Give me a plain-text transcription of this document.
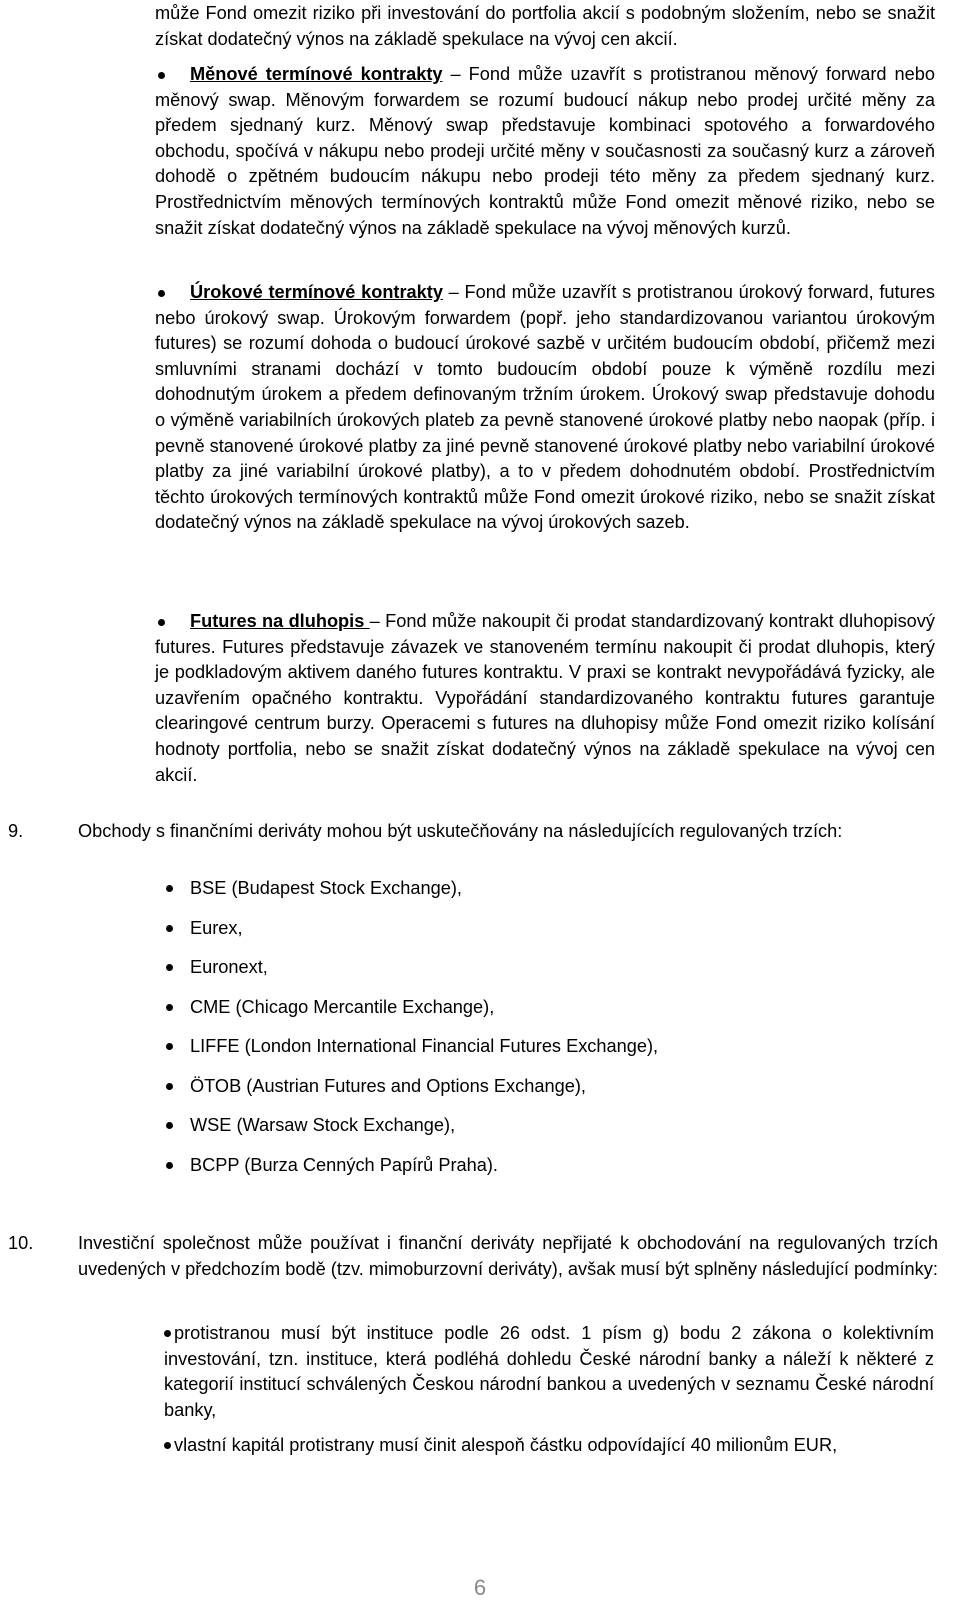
může Fond omezit riziko při investování do portfolia akcií s podobným složením, nebo se snažit získat dodatečný výnos na základě spekulace na vývoj cen akcií.
Měnové termínové kontrakty – Fond může uzavřít s protistranou měnový forward nebo měnový swap. Měnovým forwardem se rozumí budoucí nákup nebo prodej určité měny za předem sjednaný kurz. Měnový swap představuje kombinaci spotového a forwardového obchodu, spočívá v nákupu nebo prodeji určité měny v současnosti za současný kurz a zároveň dohodě o zpětném budoucím nákupu nebo prodeji této měny za předem sjednaný kurz. Prostřednictvím měnových termínových kontraktů může Fond omezit měnové riziko, nebo se snažit získat dodatečný výnos na základě spekulace na vývoj měnových kurzů.
Úrokové termínové kontrakty – Fond může uzavřít s protistranou úrokový forward, futures nebo úrokový swap. Úrokovým forwardem (popř. jeho standardizovanou variantou úrokovým futures) se rozumí dohoda o budoucí úrokové sazbě v určitém budoucím období, přičemž mezi smluvními stranami dochází v tomto budoucím období pouze k výměně rozdílu mezi dohodnutým úrokem a předem definovaným tržním úrokem. Úrokový swap představuje dohodu o výměně variabilních úrokových plateb za pevně stanovené úrokové platby nebo naopak (příp. i pevně stanovené úrokové platby za jiné pevně stanovené úrokové platby nebo variabilní úrokové platby za jiné variabilní úrokové platby), a to v předem dohodnutém období. Prostřednictvím těchto úrokových termínových kontraktů může Fond omezit úrokové riziko, nebo se snažit získat dodatečný výnos na základě spekulace na vývoj úrokových sazeb.
Futures na dluhopis – Fond může nakoupit či prodat standardizovaný kontrakt dluhopisový futures. Futures představuje závazek ve stanoveném termínu nakoupit či prodat dluhopis, který je podkladovým aktivem daného futures kontraktu. V praxi se kontrakt nevypořádává fyzicky, ale uzavřením opačného kontraktu. Vypořádání standardizovaného kontraktu futures garantuje clearingové centrum burzy. Operacemi s futures na dluhopisy může Fond omezit riziko kolísání hodnoty portfolia, nebo se snažit získat dodatečný výnos na základě spekulace na vývoj cen akcií.
9.	Obchody s finančními deriváty mohou být uskutečňovány na následujících regulovaných trzích:
BSE (Budapest Stock Exchange),
Eurex,
Euronext,
CME (Chicago Mercantile Exchange),
LIFFE (London International Financial Futures Exchange),
ÖTOB (Austrian Futures and Options Exchange),
WSE (Warsaw Stock Exchange),
BCPP (Burza Cenných Papírů Praha).
10. Investiční společnost může používat i finanční deriváty nepřijaté k obchodování na regulovaných trzích uvedených v předchozím bodě (tzv. mimoburzovní deriváty), avšak musí být splněny následující podmínky:
protistranou musí být instituce podle 26 odst. 1 písm g) bodu 2 zákona o kolektivním investování, tzn. instituce, která podléhá dohledu České národní banky a náleží k některé z kategorií institucí schválených Českou národní bankou a uvedených v seznamu České národní banky,
vlastní kapitál protistrany musí činit alespoň částku odpovídající 40 milionům EUR,
6
